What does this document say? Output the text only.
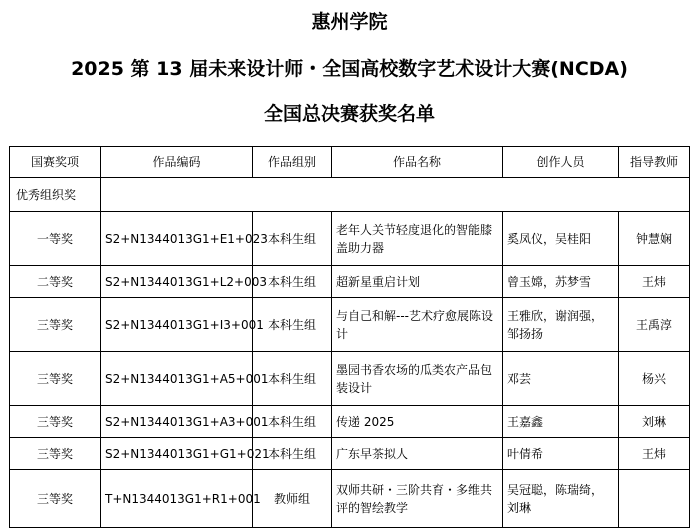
惠州学院
2025 第 13 届未来设计师・全国高校数字艺术设计大赛(NCDA)
全国总决赛获奖名单
国赛奖项	作品编码	作品组别	作品名称	创作人员	指导教师
优秀组织奖					
一等奖	S2+N1344013G1+E1+023	本科生组	老年人关节轻度退化的智能膝盖助力器	奚凤仪，吴桂阳	钟慧娴
二等奖	S2+N1344013G1+L2+003	本科生组	超新星重启计划	曾玉嫦，苏梦雪	王炜
三等奖	S2+N1344013G1+I3+001	本科生组	与自己和解---艺术疗愈展陈设计	王雅欣，谢润强，邹扬扬	王禹淳
三等奖	S2+N1344013G1+A5+001	本科生组	墨园书香农场的瓜类农产品包装设计	邓芸	杨兴
三等奖	S2+N1344013G1+A3+001	本科生组	传递 2025	王嘉鑫	刘琳
三等奖	S2+N1344013G1+G1+021	本科生组	广东早茶拟人	叶倩希	王炜
三等奖	T+N1344013G1+R1+001	教师组	双师共研・三阶共育・多维共评的智绘教学	吴冠聪，陈瑞绮，刘琳	
